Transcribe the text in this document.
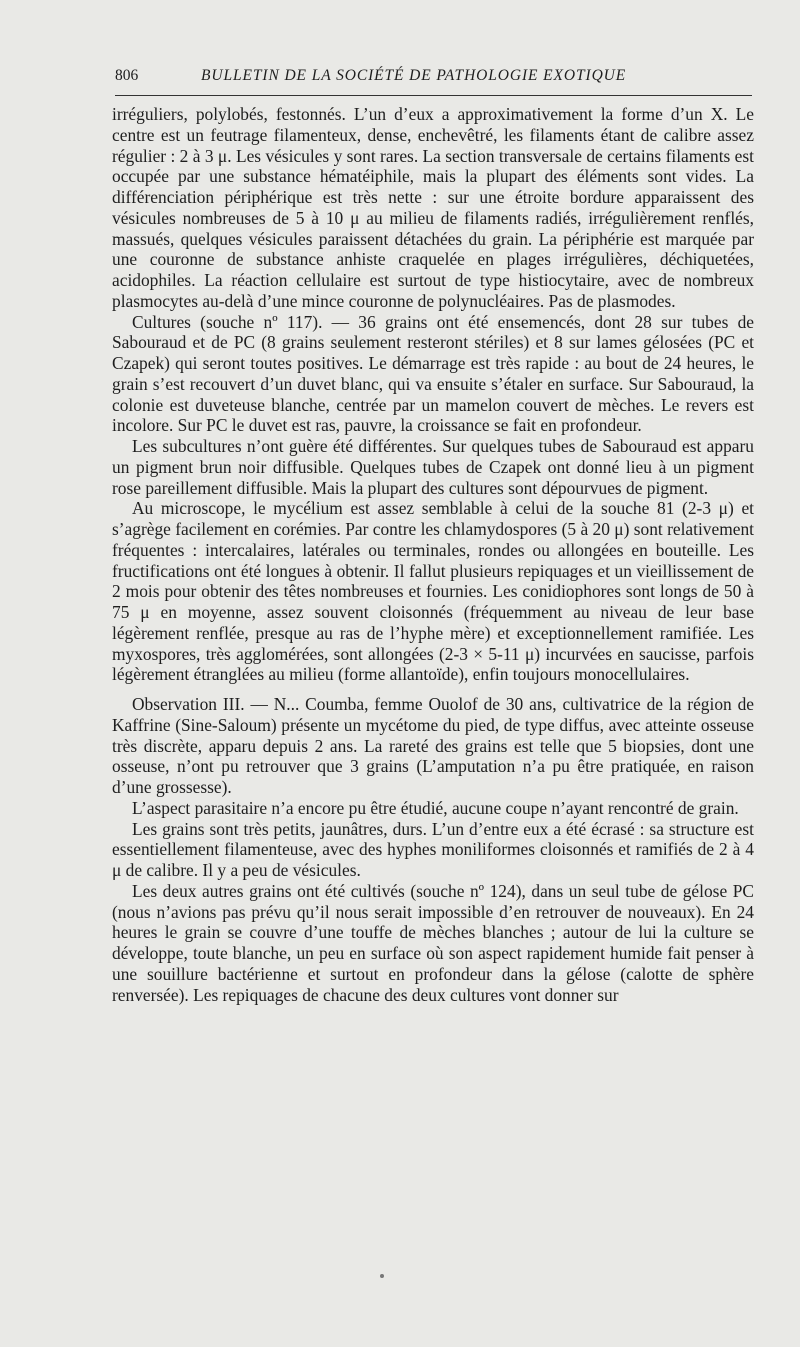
806	BULLETIN DE LA SOCIÉTÉ DE PATHOLOGIE EXOTIQUE

irréguliers, polylobés, festonnés. L’un d’eux a approximativement la forme d’un X. Le centre est un feutrage filamenteux, dense, enchevêtré, les filaments étant de calibre assez régulier : 2 à 3 μ. Les vésicules y sont rares. La section transversale de certains filaments est occupée par une substance hématéiphile, mais la plupart des éléments sont vides. La différenciation périphérique est très nette : sur une étroite bordure apparaissent des vésicules nombreuses de 5 à 10 μ au milieu de filaments radiés, irrégulièrement renflés, massués, quelques vésicules paraissent détachées du grain. La périphérie est marquée par une couronne de substance anhiste craquelée en plages irrégulières, déchiquetées, acidophiles. La réaction cellulaire est surtout de type histiocytaire, avec de nombreux plasmocytes au-delà d’une mince couronne de polynucléaires. Pas de plasmodes.

Cultures (souche nº 117). — 36 grains ont été ensemencés, dont 28 sur tubes de Sabouraud et de PC (8 grains seulement resteront stériles) et 8 sur lames gélosées (PC et Czapek) qui seront toutes positives. Le démarrage est très rapide : au bout de 24 heures, le grain s’est recouvert d’un duvet blanc, qui va ensuite s’étaler en surface. Sur Sabouraud, la colonie est duveteuse blanche, centrée par un mamelon couvert de mèches. Le revers est incolore. Sur PC le duvet est ras, pauvre, la croissance se fait en profondeur.

Les subcultures n’ont guère été différentes. Sur quelques tubes de Sabouraud est apparu un pigment brun noir diffusible. Quelques tubes de Czapek ont donné lieu à un pigment rose pareillement diffusible. Mais la plupart des cultures sont dépourvues de pigment.

Au microscope, le mycélium est assez semblable à celui de la souche 81 (2-3 μ) et s’agrège facilement en corémies. Par contre les chlamydospores (5 à 20 μ) sont relativement fréquentes : intercalaires, latérales ou terminales, rondes ou allongées en bouteille. Les fructifications ont été longues à obtenir. Il fallut plusieurs repiquages et un vieillissement de 2 mois pour obtenir des têtes nombreuses et fournies. Les conidiophores sont longs de 50 à 75 μ en moyenne, assez souvent cloisonnés (fréquemment au niveau de leur base légèrement renflée, presque au ras de l’hyphe mère) et exceptionnellement ramifiée. Les myxospores, très agglomérées, sont allongées (2-3 × 5-11 μ) incurvées en saucisse, parfois légèrement étranglées au milieu (forme allantoïde), enfin toujours monocellulaires.

Observation III. — N... Coumba, femme Ouolof de 30 ans, cultivatrice de la région de Kaffrine (Sine-Saloum) présente un mycétome du pied, de type diffus, avec atteinte osseuse très discrète, apparu depuis 2 ans. La rareté des grains est telle que 5 biopsies, dont une osseuse, n’ont pu retrouver que 3 grains (L’amputation n’a pu être pratiquée, en raison d’une grossesse).

L’aspect parasitaire n’a encore pu être étudié, aucune coupe n’ayant rencontré de grain.

Les grains sont très petits, jaunâtres, durs. L’un d’entre eux a été écrasé : sa structure est essentiellement filamenteuse, avec des hyphes moniliformes cloisonnés et ramifiés de 2 à 4 μ de calibre. Il y a peu de vésicules.

Les deux autres grains ont été cultivés (souche nº 124), dans un seul tube de gélose PC (nous n’avions pas prévu qu’il nous serait impossible d’en retrouver de nouveaux). En 24 heures le grain se couvre d’une touffe de mèches blanches ; autour de lui la culture se développe, toute blanche, un peu en surface où son aspect rapidement humide fait penser à une souillure bactérienne et surtout en profondeur dans la gélose (calotte de sphère renversée). Les repiquages de chacune des deux cultures vont donner sur
